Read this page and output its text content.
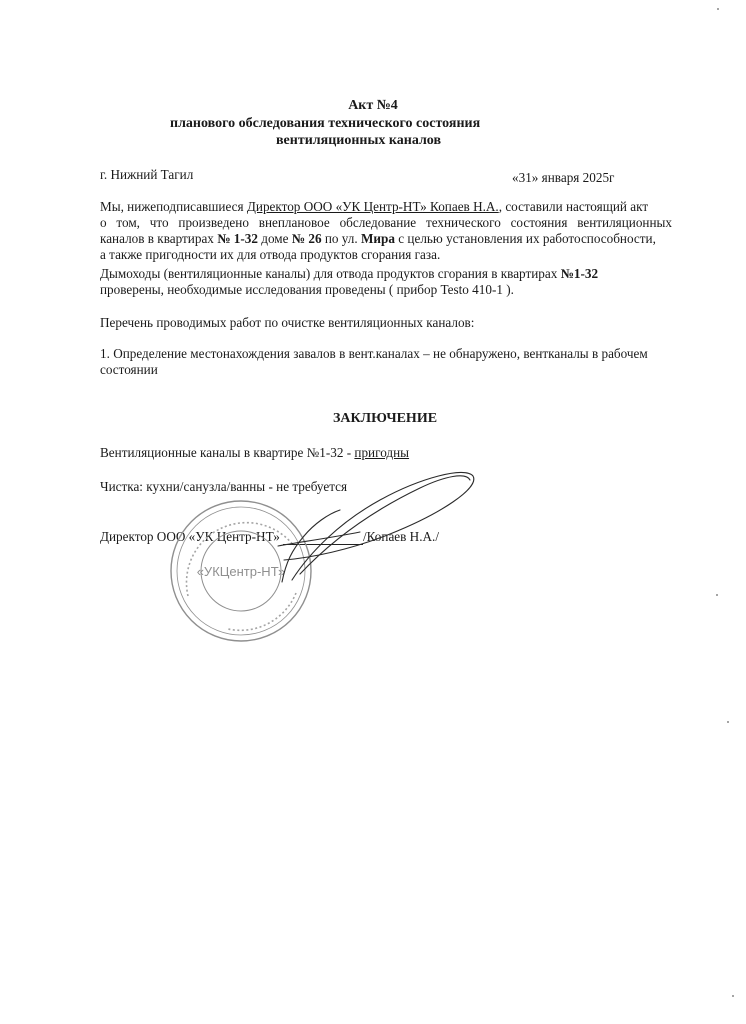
Акт №4
планового обследования технического состояния
вентиляционных каналов
г. Нижний Тагил	«31» января 2025г
Мы, нижеподписавшиеся Директор ООО «УК Центр-НТ» Копаев Н.А., составили настоящий акт
о том, что произведено внеплановое обследование технического состояния вентиляционных
каналов в квартирах № 1-32 доме № 26 по ул. Мира с целью установления их работоспособности,
а также пригодности их для отвода продуктов сгорания газа.
Дымоходы (вентиляционные каналы) для отвода продуктов сгорания в квартирах №1-32
проверены, необходимые исследования проведены ( прибор Testo 410-1 ).
Перечень проводимых работ по очистке вентиляционных каналов:
1. Определение местонахождения завалов в вент.каналах – не обнаружено, вентканалы в рабочем
состоянии
ЗАКЛЮЧЕНИЕ
Вентиляционные каналы в квартире №1-32 - пригодны
Чистка: кухни/санузла/ванны - не требуется
Директор ООО «УК Центр-НТ»	/Копаев Н.А./
«УКЦентр-НТ»
